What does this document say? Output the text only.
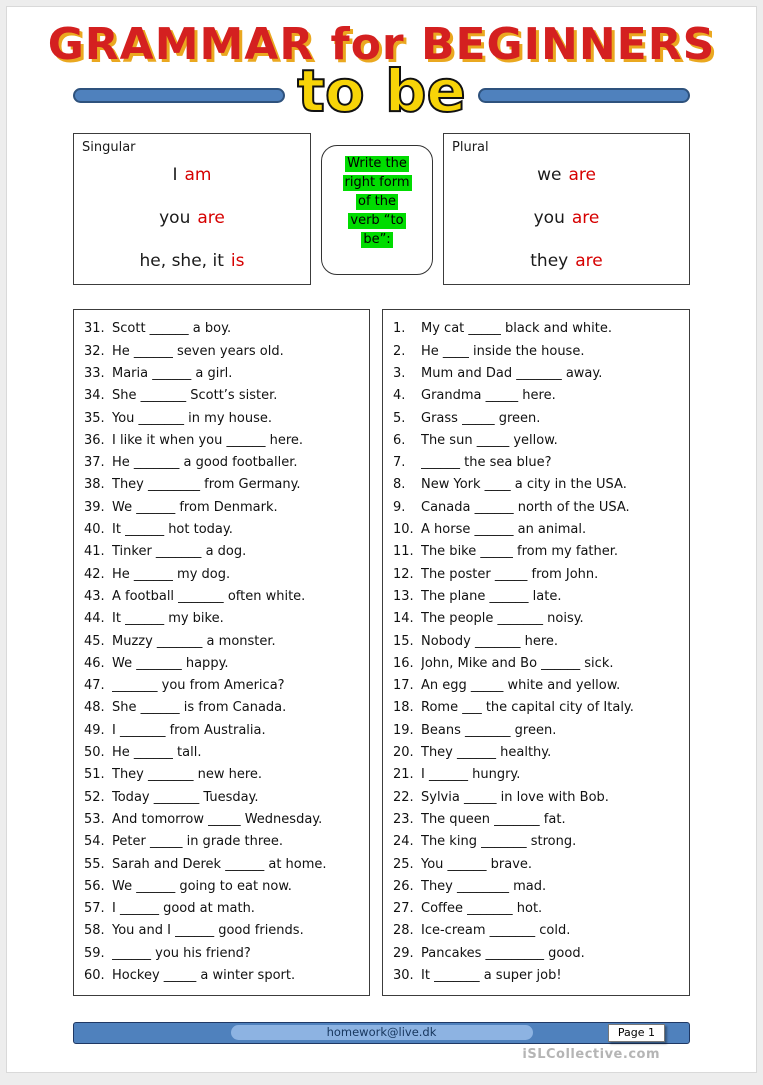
GRAMMAR for BEGINNERS
to be
Singular
I am
you are
he, she, it is
Write the
right form
of the
verb “to
be”:
Plural
we are
you are
they are
31. Scott ______ a boy.
32. He ______ seven years old.
33. Maria ______ a girl.
34. She _______ Scott’s sister.
35. You _______ in my house.
36. I like it when you ______ here.
37. He _______ a good footballer.
38. They ________ from Germany.
39. We ______ from Denmark.
40. It ______ hot today.
41. Tinker _______ a dog.
42. He ______ my dog.
43. A football _______ often white.
44. It ______ my bike.
45. Muzzy _______ a monster.
46. We _______ happy.
47. _______ you from America?
48. She ______ is from Canada.
49. I _______ from Australia.
50. He ______ tall.
51. They _______ new here.
52. Today _______ Tuesday.
53. And tomorrow _____ Wednesday.
54. Peter _____ in grade three.
55. Sarah and Derek ______ at home.
56. We ______ going to eat now.
57. I ______ good at math.
58. You and I ______ good friends.
59. ______ you his friend?
60. Hockey _____ a winter sport.
1.	My cat _____ black and white.
2.	He ____ inside the house.
3.	Mum and Dad _______ away.
4.	Grandma _____ here.
5.	Grass _____ green.
6.	The sun _____ yellow.
7.	______ the sea blue?
8.	New York ____ a city in the USA.
9.	Canada ______ north of the USA.
10. A horse ______ an animal.
11. The bike _____ from my father.
12. The poster _____ from John.
13. The plane ______ late.
14. The people _______ noisy.
15. Nobody _______ here.
16. John, Mike and Bo ______ sick.
17. An egg _____ white and yellow.
18. Rome ___ the capital city of Italy.
19. Beans _______ green.
20. They ______ healthy.
21. I ______ hungry.
22. Sylvia _____ in love with Bob.
23. The queen _______ fat.
24. The king _______ strong.
25. You ______ brave.
26. They ________ mad.
27. Coffee _______ hot.
28. Ice-cream _______ cold.
29. Pancakes _________ good.
30. It _______ a super job!
homework@live.dk	Page 1
iSLCollective.com
